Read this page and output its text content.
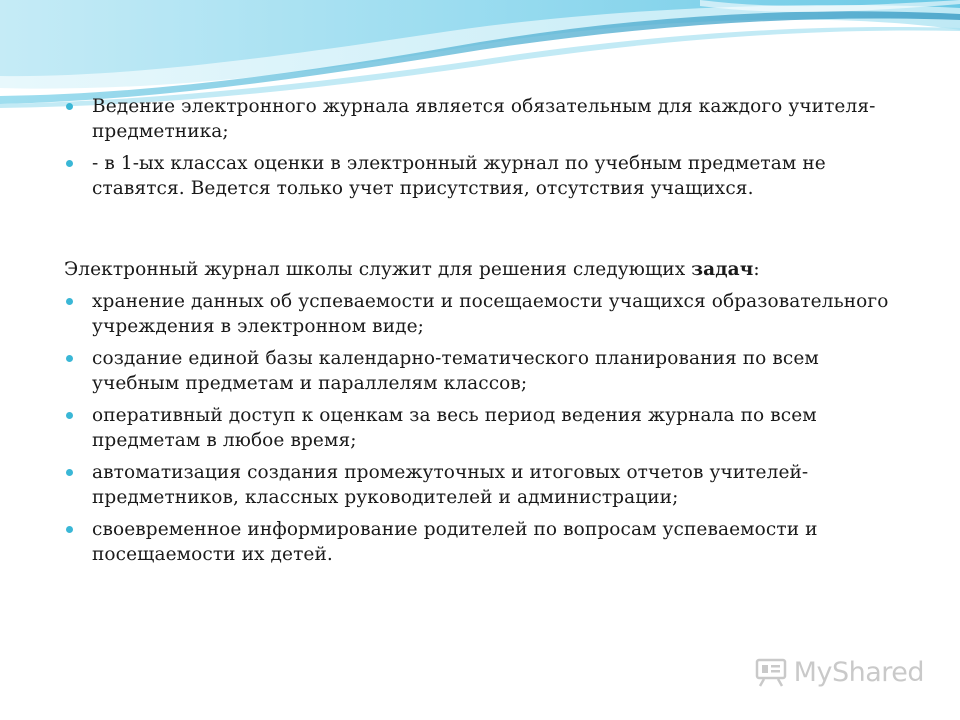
Ведение электронного журнала является обязательным для каждого учителя-предметника;
- в 1-ых классах оценки в электронный журнал по учебным предметам не ставятся. Ведется только учет присутствия, отсутствия учащихся.
Электронный журнал школы служит для решения следующих задач:
хранение данных об успеваемости и посещаемости учащихся образовательного учреждения в электронном виде;
создание единой базы календарно-тематического планирования по всем учебным предметам и параллелям классов;
оперативный доступ к оценкам за весь период ведения журнала по всем предметам в любое время;
автоматизация создания промежуточных и итоговых отчетов учителей-предметников, классных руководителей и администрации;
своевременное информирование родителей по вопросам успеваемости и посещаемости их детей.
MyShared
